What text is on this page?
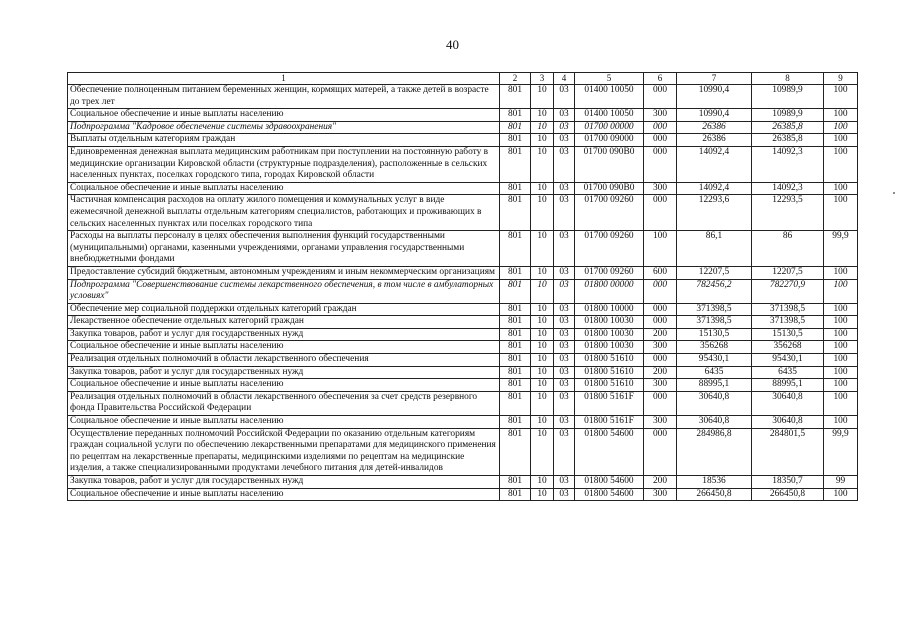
40
1	2	3	4	5	6	7	8	9
Обеспечение полноценным питанием беременных женщин, кормящих матерей, а также детей в возрасте до трех лет	801	10	03	01400 10050	000	10990,4	10989,9	100
Социальное обеспечение и иные выплаты населению	801	10	03	01400 10050	300	10990,4	10989,9	100
Подпрограмма "Кадровое обеспечение системы здравоохранения"	801	10	03	01700 00000	000	26386	26385,8	100
Выплаты отдельным категориям граждан	801	10	03	01700 09000	000	26386	26385,8	100
Единовременная денежная выплата медицинским работникам при поступлении на постоянную работу в медицинские организации Кировской области (структурные подразделения), расположенные в сельских населенных пунктах, поселках городского типа, городах Кировской области	801	10	03	01700 090В0	000	14092,4	14092,3	100
Социальное обеспечение и иные выплаты населению	801	10	03	01700 090В0	300	14092,4	14092,3	100
Частичная компенсация расходов на оплату жилого помещения и коммунальных услуг в виде ежемесячной денежной выплаты отдельным категориям специалистов, работающих и проживающих в сельских населенных пунктах или поселках городского типа	801	10	03	01700 09260	000	12293,6	12293,5	100
Расходы на выплаты персоналу в целях обеспечения выполнения функций государственными (муниципальными) органами, казенными учреждениями, органами управления государственными внебюджетными фондами	801	10	03	01700 09260	100	86,1	86	99,9
Предоставление субсидий бюджетным, автономным учреждениям и иным некоммерческим организациям	801	10	03	01700 09260	600	12207,5	12207,5	100
Подпрограмма "Совершенствование системы лекарственного обеспечения, в том числе в амбулаторных условиях"	801	10	03	01800 00000	000	782456,2	782270,9	100
Обеспечение мер социальной поддержки отдельных категорий граждан	801	10	03	01800 10000	000	371398,5	371398,5	100
Лекарственное обеспечение отдельных категорий граждан	801	10	03	01800 10030	000	371398,5	371398,5	100
Закупка товаров, работ и услуг для государственных нужд	801	10	03	01800 10030	200	15130,5	15130,5	100
Социальное обеспечение и иные выплаты населению	801	10	03	01800 10030	300	356268	356268	100
Реализация отдельных полномочий в области лекарственного обеспечения	801	10	03	01800 51610	000	95430,1	95430,1	100
Закупка товаров, работ и услуг для государственных нужд	801	10	03	01800 51610	200	6435	6435	100
Социальное обеспечение и иные выплаты населению	801	10	03	01800 51610	300	88995,1	88995,1	100
Реализация отдельных полномочий в области лекарственного обеспечения за счет средств резервного фонда Правительства Российской Федерации	801	10	03	01800 5161F	000	30640,8	30640,8	100
Социальное обеспечение и иные выплаты населению	801	10	03	01800 5161F	300	30640,8	30640,8	100
Осуществление переданных полномочий Российской Федерации по оказанию отдельным категориям граждан социальной услуги по обеспечению лекарственными препаратами для медицинского применения по рецептам на лекарственные препараты, медицинскими изделиями по рецептам на медицинские изделия, а также специализированными продуктами лечебного питания для детей-инвалидов	801	10	03	01800 54600	000	284986,8	284801,5	99,9
Закупка товаров, работ и услуг для государственных нужд	801	10	03	01800 54600	200	18536	18350,7	99
Социальное обеспечение и иные выплаты населению	801	10	03	01800 54600	300	266450,8	266450,8	100
